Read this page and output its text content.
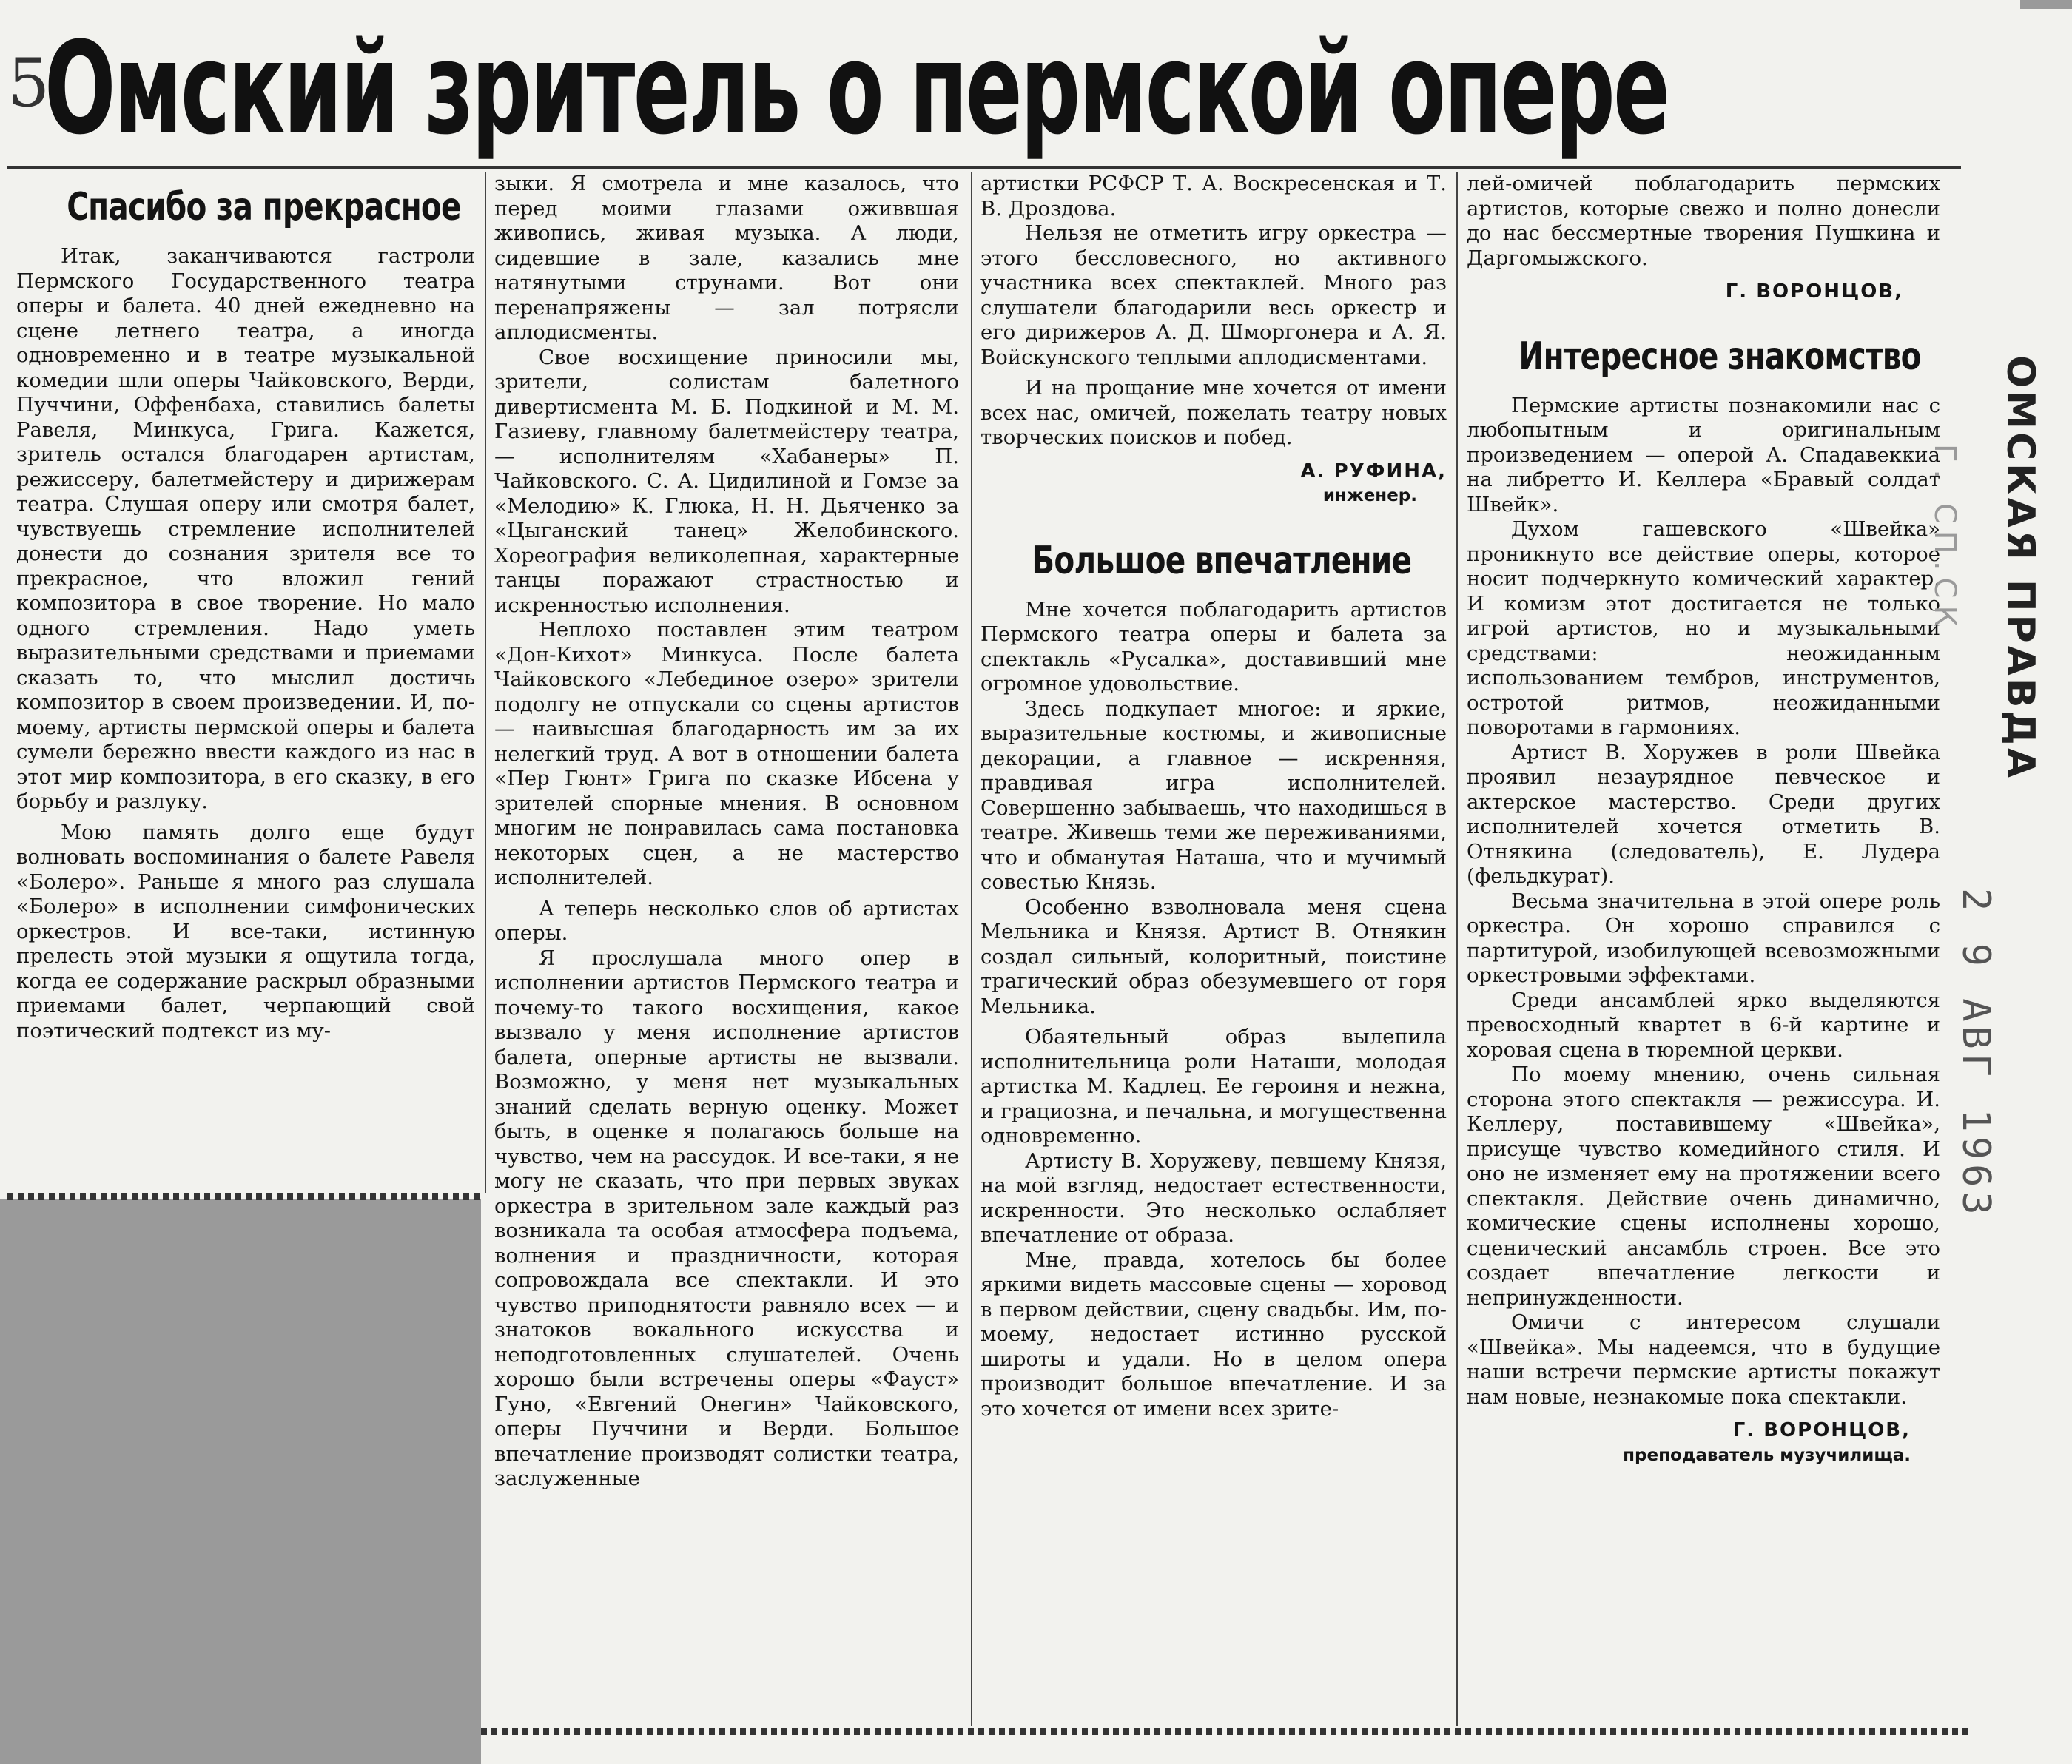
5
Омский зритель о пермской опере
Спасибо за прекрасное

Итак, заканчиваются гастроли Пермского Государственного театра оперы и балета. 40 дней ежедневно на сцене летнего театра, а иногда одновременно и в театре музыкальной комедии шли оперы Чайковского, Верди, Пуччини, Оффенбаха, ставились балеты Равеля, Минкуса, Грига. Кажется, зритель остался благодарен артистам, режиссеру, балетмейстеру и дирижерам театра. Слушая оперу или смотря балет, чувствуешь стремление исполнителей донести до сознания зрителя все то прекрасное, что вложил гений композитора в свое творение. Но мало одного стремления. Надо уметь выразительными средствами и приемами сказать то, что мыслил достичь композитор в своем произведении. И, по-моему, артисты пермской оперы и балета сумели бережно ввести каждого из нас в этот мир композитора, в его сказку, в его борьбу и разлуку.

Мою память долго еще будут волновать воспоминания о балете Равеля «Болеро». Раньше я много раз слушала «Болеро» в исполнении симфонических оркестров. И все-таки, истинную прелесть этой музыки я ощутила тогда, когда ее содержание раскрыл образными приемами балет, черпающий свой поэтический подтекст из му-

зыки. Я смотрела и мне казалось, что перед моими глазами оживвшая живопись, живая музыка. А люди, сидевшие в зале, казались мне натянутыми струнами. Вот они перенапряжены — зал потрясли аплодисменты.

Свое восхищение приносили мы, зрители, солистам балетного дивертисмента М. Б. Подкиной и М. М. Газиеву, главному балетмейстеру театра, — исполнителям «Хабанеры» П. Чайковского. С. А. Цидилиной и Гомзе за «Мелодию» К. Глюка, Н. Н. Дьяченко за «Цыганский танец» Желобинского. Хореография великолепная, характерные танцы поражают страстностью и искренностью исполнения.

Неплохо поставлен этим театром «Дон-Кихот» Минкуса. После балета Чайковского «Лебединое озеро» зрители подолгу не отпускали со сцены артистов — наивысшая благодарность им за их нелегкий труд. А вот в отношении балета «Пер Гюнт» Грига по сказке Ибсена у зрителей спорные мнения. В основном многим не понравилась сама постановка некоторых сцен, а не мастерство исполнителей.

А теперь несколько слов об артистах оперы.

Я прослушала много опер в исполнении артистов Пермского театра и почему-то такого восхищения, какое вызвало у меня исполнение артистов балета, оперные артисты не вызвали. Возможно, у меня нет музыкальных знаний сделать верную оценку. Может быть, в оценке я полагаюсь больше на чувство, чем на рассудок. И все-таки, я не могу не сказать, что при первых звуках оркестра в зрительном зале каждый раз возникала та особая атмосфера подъема, волнения и праздничности, которая сопровождала все спектакли. И это чувство приподнятости равняло всех — и знатоков вокального искусства и неподготовленных слушателей. Очень хорошо были встречены оперы «Фауст» Гуно, «Евгений Онегин» Чайковского, оперы Пуччини и Верди. Большое впечатление производят солистки театра, заслуженные

артистки РСФСР Т. А. Воскресенская и Т. В. Дроздова.

Нельзя не отметить игру оркестра — этого бессловесного, но активного участника всех спектаклей. Много раз слушатели благодарили весь оркестр и его дирижеров А. Д. Шморгонера и А. Я. Войскунского теплыми аплодисментами.

И на прощание мне хочется от имени всех нас, омичей, пожелать театру новых творческих поисков и побед.

А. РУФИНА,
инженер.
Большое впечатление

Мне хочется поблагодарить артистов Пермского театра оперы и балета за спектакль «Русалка», доставивший мне огромное удовольствие.

Здесь подкупает многое: и яркие, выразительные костюмы, и живописные декорации, а главное — искренняя, правдивая игра исполнителей. Совершенно забываешь, что находишься в театре. Живешь теми же переживаниями, что и обманутая Наташа, что и мучимый совестью Князь.

Особенно взволновала меня сцена Мельника и Князя. Артист В. Отнякин создал сильный, колоритный, поистине трагический образ обезумевшего от горя Мельника.

Обаятельный образ вылепила исполнительница роли Наташи, молодая артистка М. Кадлец. Ее героиня и нежна, и грациозна, и печальна, и могущественна одновременно.

Артисту В. Хоружеву, певшему Князя, на мой взгляд, недостает естественности, искренности. Это несколько ослабляет впечатление от образа.

Мне, правда, хотелось бы более яркими видеть массовые сцены — хоровод в первом действии, сцену свадьбы. Им, по-моему, недостает истинно русской широты и удали. Но в целом опера производит большое впечатление. И за это хочется от имени всех зрите-

лей-омичей поблагодарить пермских артистов, которые свежо и полно донесли до нас бессмертные творения Пушкина и Даргомыжского.

Г. ВОРОНЦОВ,
Интересное знакомство

Пермские артисты познакомили нас с любопытным и оригинальным произведением — оперой А. Спадавеккиа на либретто И. Келлера «Бравый солдат Швейк».

Духом гашевского «Швейка» проникнуто все действие оперы, которое носит подчеркнуто комический характер. И комизм этот достигается не только игрой артистов, но и музыкальными средствами: неожиданным использованием тембров, инструментов, остротой ритмов, неожиданными поворотами в гармониях.

Артист В. Хоружев в роли Швейка проявил незаурядное певческое и актерское мастерство. Среди других исполнителей хочется отметить В. Отнякина (следователь), Е. Лудера (фельдкурат).

Весьма значительна в этой опере роль оркестра. Он хорошо справился с партитурой, изобилующей всевозможными оркестровыми эффектами.

Среди ансамблей ярко выделяются превосходный квартет в 6-й картине и хоровая сцена в тюремной церкви.

По моему мнению, очень сильная сторона этого спектакля — режиссура. И. Келлеру, поставившему «Швейка», присуще чувство комедийного стиля. И оно не изменяет ему на протяжении всего спектакля. Действие очень динамично, комические сцены исполнены хорошо, сценический ансамбль строен. Все это создает впечатление легкости и непринужденности.

Омичи с интересом слушали «Швейка». Мы надеемся, что в будущие наши встречи пермские артисты покажут нам новые, незнакомые пока спектакли.

Г. ВОРОНЦОВ,
преподаватель музучилища.
Г. СП.СК ОМСКАЯ ПРАВДА
2 9 АВГ 1963
